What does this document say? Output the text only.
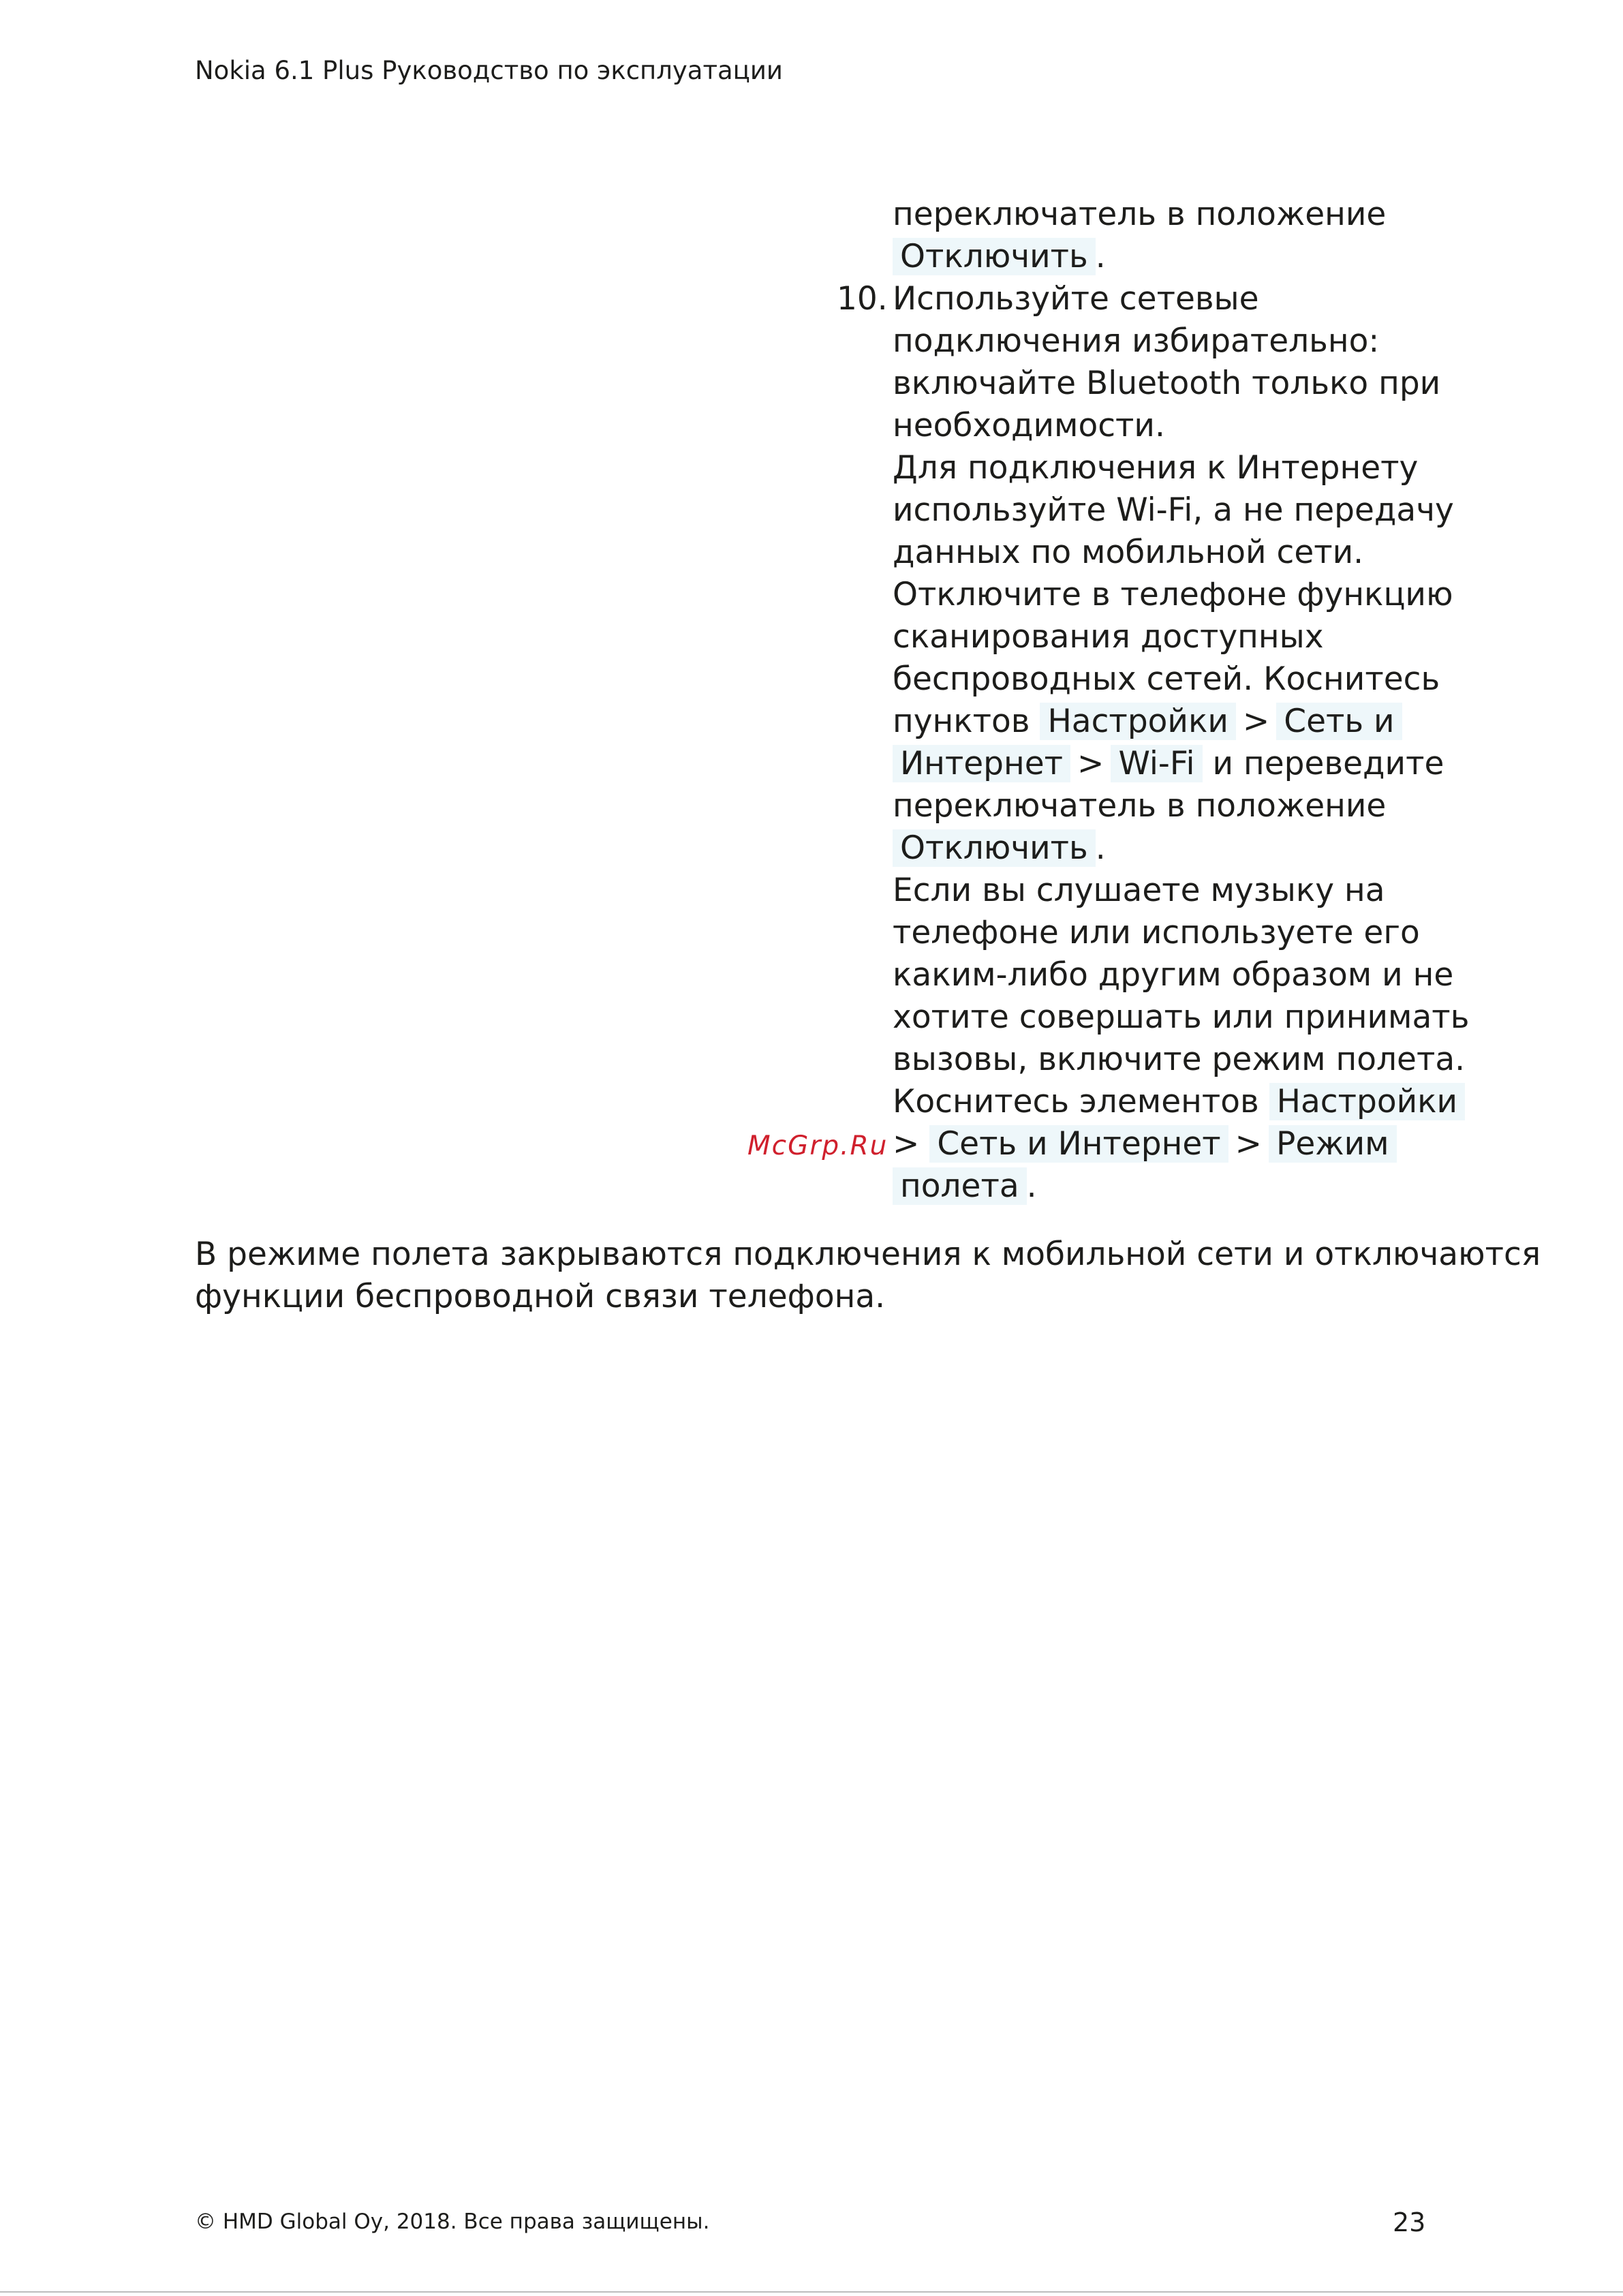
Nokia 6.1 Plus Руководство по эксплуатации
переключатель в положение
Отключить .
10. Используйте сетевые
подключения избирательно:
включайте Bluetooth только при
необходимости.
Для подключения к Интернету
используйте Wi-Fi, а не передачу
данных по мобильной сети.
Отключите в телефоне функцию
сканирования доступных
беспроводных сетей. Коснитесь
пунктов Настройки > Сеть и
Интернет > Wi-Fi и переведите
переключатель в положение
Отключить .
Если вы слушаете музыку на
телефоне или используете его
каким-либо другим образом и не
хотите совершать или принимать
вызовы, включите режим полета.
Коснитесь элементов Настройки
> Сеть и Интернет > Режим
полета .
McGrp.Ru
В режиме полета закрываются подключения к мобильной сети и отключаются
функции беспроводной связи телефона.
© HMD Global Oy, 2018. Все права защищены.	23
